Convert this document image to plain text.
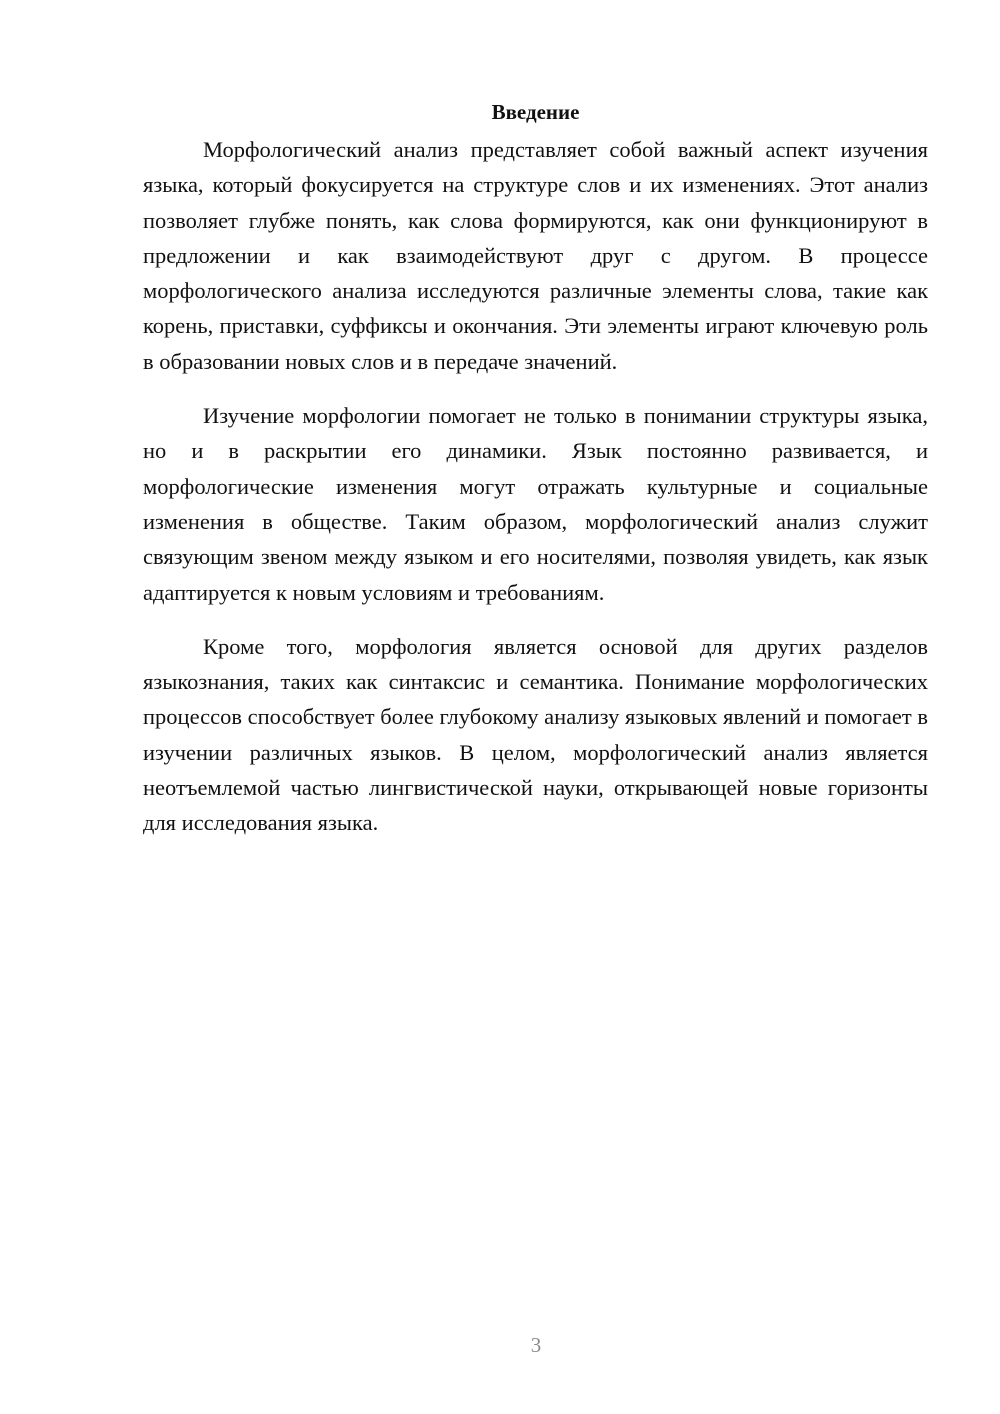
Введение

Морфологический анализ представляет собой важный аспект изучения языка, который фокусируется на структуре слов и их изменениях. Этот анализ позволяет глубже понять, как слова формируются, как они функционируют в предложении и как взаимодействуют друг с другом. В процессе морфологического анализа исследуются различные элементы слова, такие как корень, приставки, суффиксы и окончания. Эти элементы играют ключевую роль в образовании новых слов и в передаче значений.

Изучение морфологии помогает не только в понимании структуры языка, но и в раскрытии его динамики. Язык постоянно развивается, и морфологические изменения могут отражать культурные и социальные изменения в обществе. Таким образом, морфологический анализ служит связующим звеном между языком и его носителями, позволяя увидеть, как язык адаптируется к новым условиям и требованиям.

Кроме того, морфология является основой для других разделов языкознания, таких как синтаксис и семантика. Понимание морфологических процессов способствует более глубокому анализу языковых явлений и помогает в изучении различных языков. В целом, морфологический анализ является неотъемлемой частью лингвистической науки, открывающей новые горизонты для исследования языка.

3
